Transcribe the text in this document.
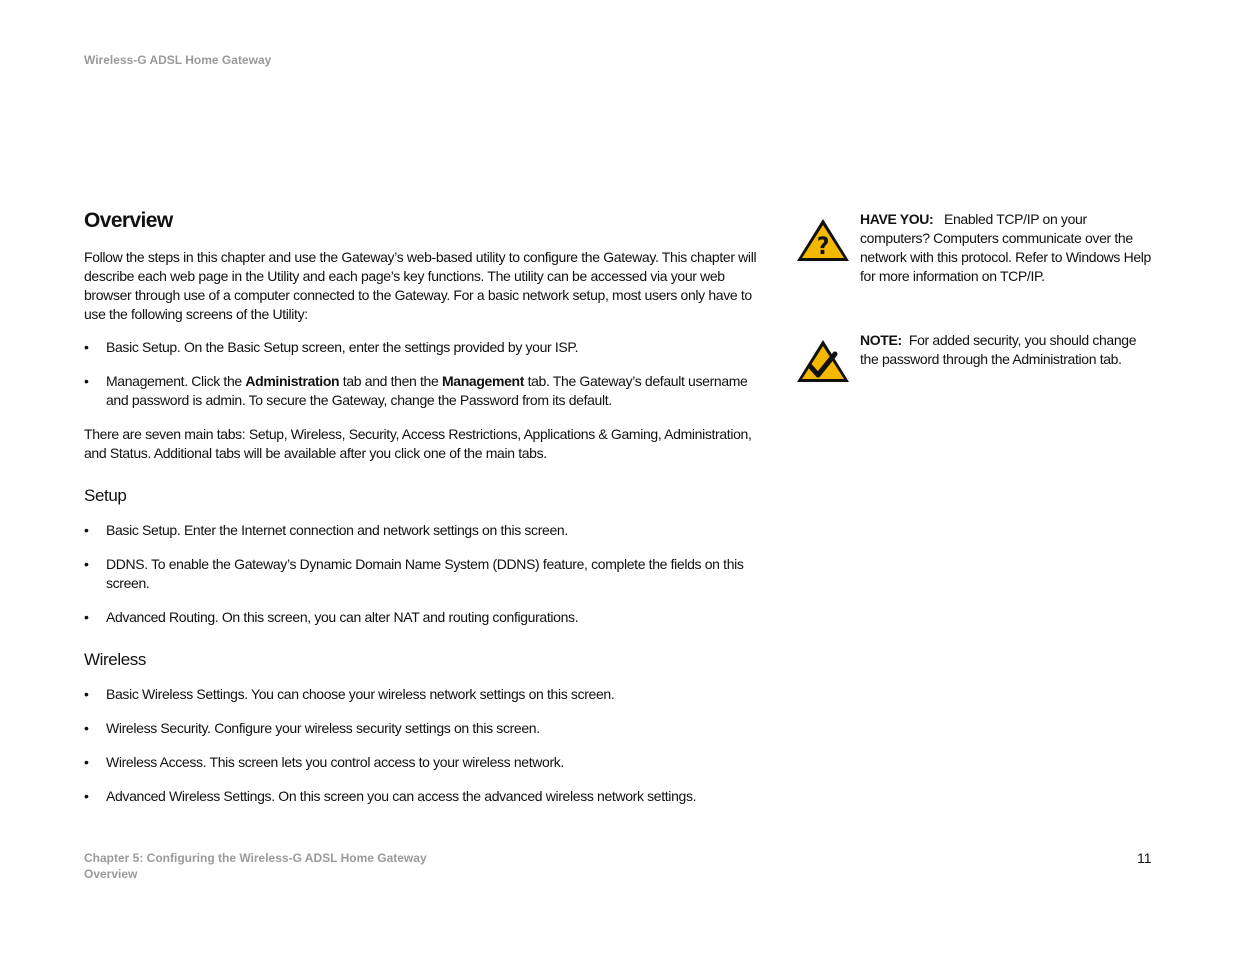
Wireless-G ADSL Home Gateway
Overview
Follow the steps in this chapter and use the Gateway’s web-based utility to configure the Gateway. This chapter will describe each web page in the Utility and each page’s key functions. The utility can be accessed via your web browser through use of a computer connected to the Gateway. For a basic network setup, most users only have to use the following screens of the Utility:
• Basic Setup. On the Basic Setup screen, enter the settings provided by your ISP.
• Management. Click the Administration tab and then the Management tab. The Gateway’s default username and password is admin. To secure the Gateway, change the Password from its default.
There are seven main tabs: Setup, Wireless, Security, Access Restrictions, Applications & Gaming, Administration, and Status. Additional tabs will be available after you click one of the main tabs.
Setup
• Basic Setup. Enter the Internet connection and network settings on this screen.
• DDNS. To enable the Gateway’s Dynamic Domain Name System (DDNS) feature, complete the fields on this screen.
• Advanced Routing. On this screen, you can alter NAT and routing configurations.
Wireless
• Basic Wireless Settings. You can choose your wireless network settings on this screen.
• Wireless Security. Configure your wireless security settings on this screen.
• Wireless Access. This screen lets you control access to your wireless network.
• Advanced Wireless Settings. On this screen you can access the advanced wireless network settings.
?
HAVE YOU: Enabled TCP/IP on your computers? Computers communicate over the network with this protocol. Refer to Windows Help for more information on TCP/IP.
NOTE: For added security, you should change the password through the Administration tab.
Chapter 5: Configuring the Wireless-G ADSL Home Gateway
Overview
11
